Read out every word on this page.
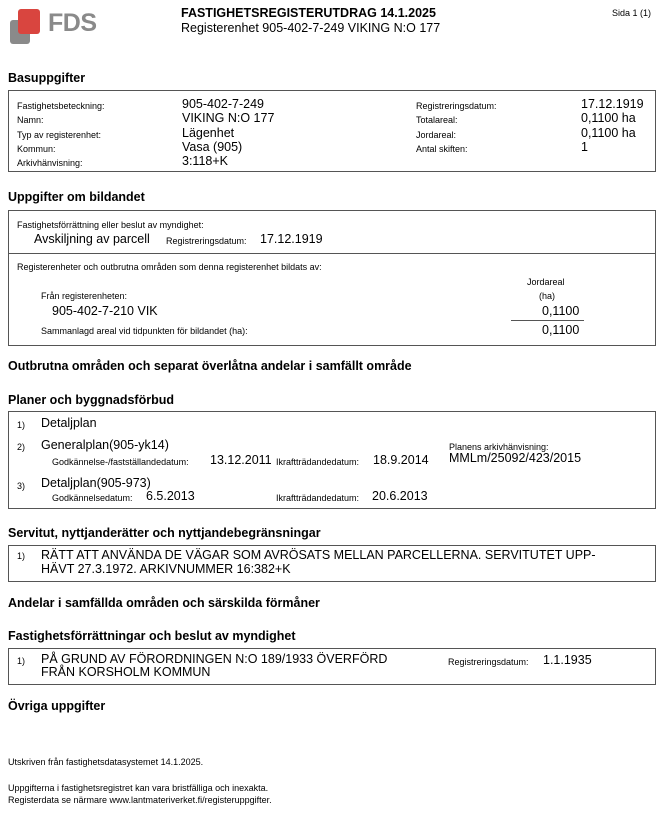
FDS	FASTIGHETSREGISTERUTDRAG 14.1.2025
Registerenhet 905-402-7-249 VIKING N:O 177
Sida 1 (1)
Basuppgifter
Fastighetsbeteckning:	905-402-7-249
Namn:	VIKING N:O 177
Typ av registerenhet:	Lägenhet
Kommun:	Vasa (905)
Arkivhänvisning:	3:118+K
Registreringsdatum:	17.12.1919
Totalareal:	0,1100 ha
Jordareal:	0,1100 ha
Antal skiften:	1
Uppgifter om bildandet
Fastighetsförrättning eller beslut av myndighet:
Avskiljning av parcell Registreringsdatum: 17.12.1919
Registerenheter och outbrutna områden som denna registerenhet bildats av:
Jordareal
(ha)
Från registerenheten:
905-402-7-210 VIK	0,1100
Sammanlagd areal vid tidpunkten för bildandet (ha):	0,1100
Outbrutna områden och separat överlåtna andelar i samfällt område
Planer och byggnadsförbud
1) Detaljplan
2) Generalplan(905-yk14)
Godkännelse-/fastställandedatum: 13.12.2011 Ikraftträdandedatum: 18.9.2014
Planens arkivhänvisning:
MMLm/25092/423/2015
3) Detaljplan(905-973)
Godkännelsedatum: 6.5.2013	Ikraftträdandedatum: 20.6.2013
Servitut, nyttjanderätter och nyttjandebegränsningar
1) RÄTT ATT ANVÄNDA DE VÄGAR SOM AVRÖSATS MELLAN PARCELLERNA. SERVITUTET UPP-
HÄVT 27.3.1972. ARKIVNUMMER 16:382+K
Andelar i samfällda områden och särskilda förmåner
Fastighetsförrättningar och beslut av myndighet
1) PÅ GRUND AV FÖRORDNINGEN N:O 189/1933 ÖVERFÖRD
FRÅN KORSHOLM KOMMUN
Registreringsdatum: 1.1.1935
Övriga uppgifter
Utskriven från fastighetsdatasystemet 14.1.2025.
Uppgifterna i fastighetsregistret kan vara bristfälliga och inexakta.
Registerdata se närmare www.lantmateriverket.fi/registeruppgifter.
